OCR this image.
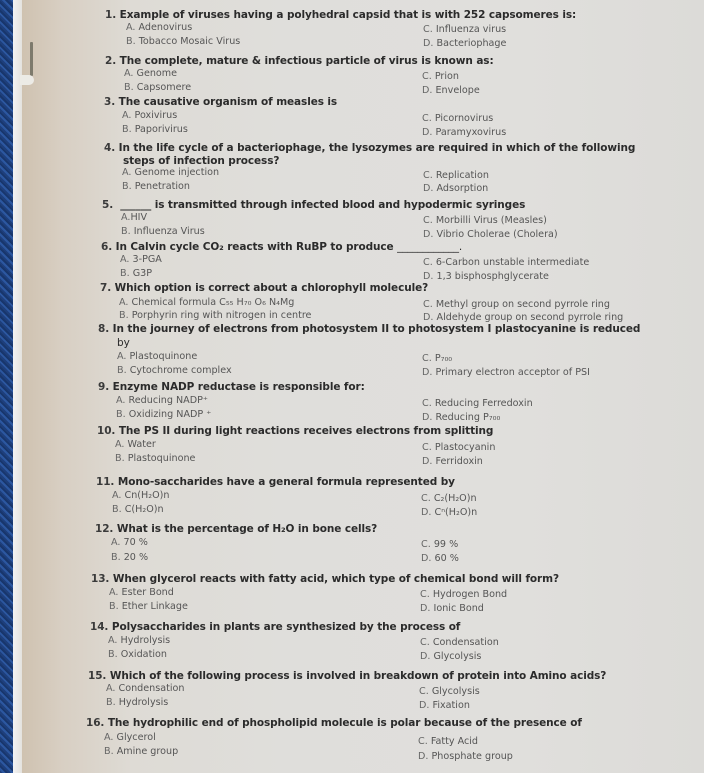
1. Example of viruses having a polyhedral capsid that is with 252 capsomeres is:
A. Adenovirus
B. Tobacco Mosaic Virus
C. Influenza virus
D. Bacteriophage
2. The complete, mature & infectious particle of virus is known as:
A. Genome
B. Capsomere
C. Prion
D. Envelope
3. The causative organism of measles is
A. Poxivirus
B. Paporivirus
C. Picornovirus
D. Paramyxovirus
4. In the life cycle of a bacteriophage, the lysozymes are required in which of the following
steps of infection process?
A. Genome injection
B. Penetration
C. Replication
D. Adsorption
5. ______ is transmitted through infected blood and hypodermic syringes
A.HIV
B. Influenza Virus
C. Morbilli Virus (Measles)
D. Vibrio Cholerae (Cholera)
6. In Calvin cycle CO₂ reacts with RuBP to produce ____________.
A. 3-PGA
B. G3P
C. 6-Carbon unstable intermediate
D. 1,3 bisphosphglycerate
7. Which option is correct about a chlorophyll molecule?
A. Chemical formula C₅₅ H₇₀ O₆ N₄Mg
B. Porphyrin ring with nitrogen in centre
C. Methyl group on second pyrrole ring
D. Aldehyde group on second pyrrole ring
8. In the journey of electrons from photosystem II to photosystem I plastocyanine is reduced
by
A. Plastoquinone
B. Cytochrome complex
C. P₇₀₀
D. Primary electron acceptor of PSI
9. Enzyme NADP reductase is responsible for:
A. Reducing NADP⁺
B. Oxidizing NADP ⁺
C. Reducing Ferredoxin
D. Reducing P₇₀₀
10. The PS II during light reactions receives electrons from splitting
A. Water
B. Plastoquinone
C. Plastocyanin
D. Ferridoxin
11. Mono-saccharides have a general formula represented by
A. Cn(H₂O)n
B. C(H₂O)n
C. C₂(H₂O)n
D. Cⁿ(H₂O)n
12. What is the percentage of H₂O in bone cells?
A. 70 %
B. 20 %
C. 99 %
D. 60 %
13. When glycerol reacts with fatty acid, which type of chemical bond will form?
A. Ester Bond
B. Ether Linkage
C. Hydrogen Bond
D. Ionic Bond
14. Polysaccharides in plants are synthesized by the process of
A. Hydrolysis
B. Oxidation
C. Condensation
D. Glycolysis
15. Which of the following process is involved in breakdown of protein into Amino acids?
A. Condensation
B. Hydrolysis
C. Glycolysis
D. Fixation
16. The hydrophilic end of phospholipid molecule is polar because of the presence of
A. Glycerol
B. Amine group
C. Fatty Acid
D. Phosphate group
